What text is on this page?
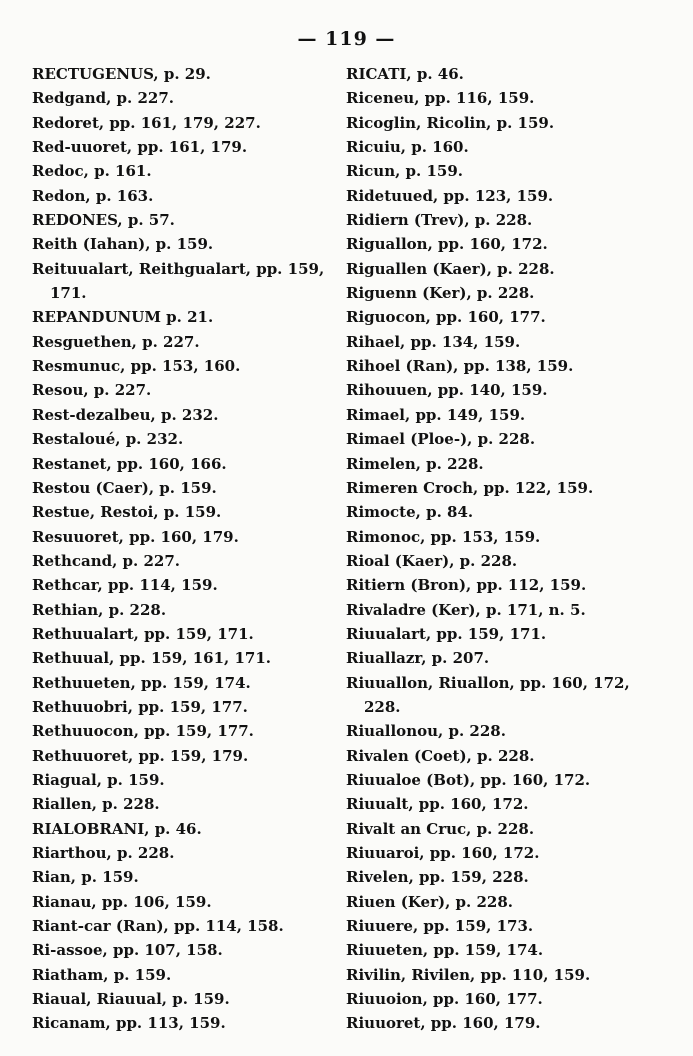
— 119 —
RECTUGENUS, p. 29.
Redgand, p. 227.
Redoret, pp. 161, 179, 227.
Red-uuoret, pp. 161, 179.
Redoc, p. 161.
Redon, p. 163.
REDONES, p. 57.
Reith (Iahan), p. 159.
Reituualart, Reithgualart, pp. 159,
171.
REPANDUNUM p. 21.
Resguethen, p. 227.
Resmunuc, pp. 153, 160.
Resou, p. 227.
Rest-dezalbeu, p. 232.
Restaloué, p. 232.
Restanet, pp. 160, 166.
Restou (Caer), p. 159.
Restue, Restoi, p. 159.
Resuuoret, pp. 160, 179.
Rethcand, p. 227.
Rethcar, pp. 114, 159.
Rethian, p. 228.
Rethuualart, pp. 159, 171.
Rethuual, pp. 159, 161, 171.
Rethuueten, pp. 159, 174.
Rethuuobri, pp. 159, 177.
Rethuuocon, pp. 159, 177.
Rethuuoret, pp. 159, 179.
Riagual, p. 159.
Riallen, p. 228.
RIALOBRANI, p. 46.
Riarthou, p. 228.
Rian, p. 159.
Rianau, pp. 106, 159.
Riant-car (Ran), pp. 114, 158.
Ri-assoe, pp. 107, 158.
Riatham, p. 159.
Riaual, Riauual, p. 159.
Ricanam, pp. 113, 159.
RICATI, p. 46.
Riceneu, pp. 116, 159.
Ricoglin, Ricolin, p. 159.
Ricuiu, p. 160.
Ricun, p. 159.
Ridetuued, pp. 123, 159.
Ridiern (Trev), p. 228.
Riguallon, pp. 160, 172.
Riguallen (Kaer), p. 228.
Riguenn (Ker), p. 228.
Riguocon, pp. 160, 177.
Rihael, pp. 134, 159.
Rihoel (Ran), pp. 138, 159.
Rihouuen, pp. 140, 159.
Rimael, pp. 149, 159.
Rimael (Ploe-), p. 228.
Rimelen, p. 228.
Rimeren Croch, pp. 122, 159.
Rimocte, p. 84.
Rimonoc, pp. 153, 159.
Rioal (Kaer), p. 228.
Ritiern (Bron), pp. 112, 159.
Rivaladre (Ker), p. 171, n. 5.
Riuualart, pp. 159, 171.
Riuallazr, p. 207.
Riuuallon, Riuallon, pp. 160, 172,
228.
Riuallonou, p. 228.
Rivalen (Coet), p. 228.
Riuualoe (Bot), pp. 160, 172.
Riuualt, pp. 160, 172.
Rivalt an Cruc, p. 228.
Riuuaroi, pp. 160, 172.
Rivelen, pp. 159, 228.
Riuen (Ker), p. 228.
Riuuere, pp. 159, 173.
Riuueten, pp. 159, 174.
Rivilin, Rivilen, pp. 110, 159.
Riuuoion, pp. 160, 177.
Riuuoret, pp. 160, 179.
